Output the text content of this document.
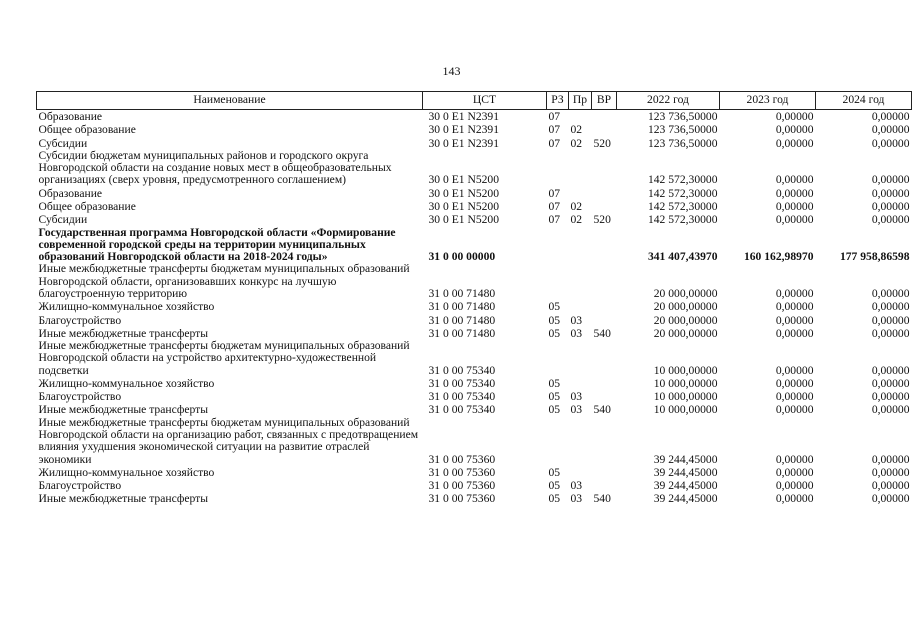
143
Наименование	ЦСТ	РЗ	Пр	ВР	2022 год	2023 год	2024 год
Образование	30 0 E1 N2391	07			123 736,50000	0,00000	0,00000
Общее образование	30 0 E1 N2391	07	02		123 736,50000	0,00000	0,00000
Субсидии	30 0 E1 N2391	07	02	520	123 736,50000	0,00000	0,00000
Субсидии бюджетам муниципальных районов и городского округа Новгородской области на создание новых мест в общеобразовательных организациях (сверх уровня, предусмотренного соглашением)	30 0 E1 N5200				142 572,30000	0,00000	0,00000
Образование	30 0 E1 N5200	07			142 572,30000	0,00000	0,00000
Общее образование	30 0 E1 N5200	07	02		142 572,30000	0,00000	0,00000
Субсидии	30 0 E1 N5200	07	02	520	142 572,30000	0,00000	0,00000
Государственная программа Новгородской области «Формирование современной городской среды на территории муниципальных образований Новгородской области на 2018-2024 годы»	31 0 00 00000				341 407,43970	160 162,98970	177 958,86598
Иные межбюджетные трансферты бюджетам муниципальных образований Новгородской области, организовавших конкурс на лучшую благоустроенную территорию	31 0 00 71480				20 000,00000	0,00000	0,00000
Жилищно-коммунальное хозяйство	31 0 00 71480	05			20 000,00000	0,00000	0,00000
Благоустройство	31 0 00 71480	05	03		20 000,00000	0,00000	0,00000
Иные межбюджетные трансферты	31 0 00 71480	05	03	540	20 000,00000	0,00000	0,00000
Иные межбюджетные трансферты бюджетам муниципальных образований Новгородской области на устройство архитектурно-художественной подсветки	31 0 00 75340				10 000,00000	0,00000	0,00000
Жилищно-коммунальное хозяйство	31 0 00 75340	05			10 000,00000	0,00000	0,00000
Благоустройство	31 0 00 75340	05	03		10 000,00000	0,00000	0,00000
Иные межбюджетные трансферты	31 0 00 75340	05	03	540	10 000,00000	0,00000	0,00000
Иные межбюджетные трансферты бюджетам муниципальных образований Новгородской области на организацию работ, связанных с предотвращением влияния ухудшения экономической ситуации на развитие отраслей экономики	31 0 00 75360				39 244,45000	0,00000	0,00000
Жилищно-коммунальное хозяйство	31 0 00 75360	05			39 244,45000	0,00000	0,00000
Благоустройство	31 0 00 75360	05	03		39 244,45000	0,00000	0,00000
Иные межбюджетные трансферты	31 0 00 75360	05	03	540	39 244,45000	0,00000	0,00000
